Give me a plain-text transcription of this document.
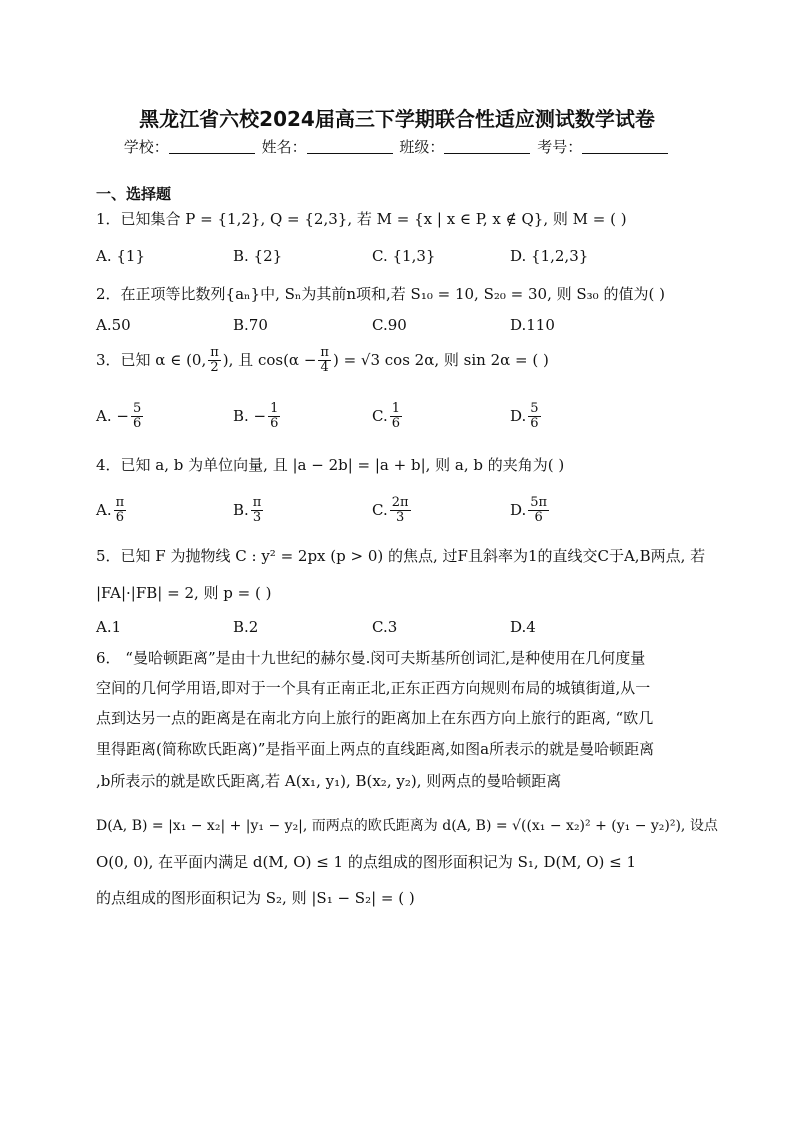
黑龙江省六校2024届高三下学期联合性适应测试数学试卷
学校：	姓名：	班级：	考号：
一、选择题
1．已知集合 P = {1,2}, Q = {2,3}, 若 M = {x | x ∈ P, x ∉ Q}, 则 M = ( )
A. {1}	B. {2}	C. {1,3}	D. {1,2,3}
2．在正项等比数列{aₙ}中, Sₙ为其前n项和,若 S₁₀ = 10, S₂₀ = 30, 则 S₃₀ 的值为( )
A.50	B.70	C.90	D.110
3．已知 α ∈ (0, $\frac{\pi}{2}$ ), 且 $\cos(\alpha - \frac{\pi}{4}$ ) = √3 cos 2α, 则 sin 2α = ( )
A. − $\frac{5}{6}$	B. − $\frac{1}{6}$	C. $\frac{1}{6}$	D. $\frac{5}{6}$
4．已知 a, b 为单位向量, 且 |a − 2b| = |a + b|, 则 a, b 的夹角为( )
A. $\frac{\pi}{6}$	B. $\frac{\pi}{3}$	C. $\frac{2\pi}{3}$	D. $\frac{5\pi}{6}$
5．已知 F 为抛物线 C : y² = 2px (p > 0) 的焦点, 过F且斜率为1的直线交C于A,B两点, 若
|FA|·|FB| = 2, 则 p = ( )
A.1	B.2	C.3	D.4
6． “曼哈顿距离”是由十九世纪的赫尔曼.闵可夫斯基所创词汇,是种使用在几何度量
空间的几何学用语,即对于一个具有正南正北,正东正西方向规则布局的城镇街道,从一
点到达另一点的距离是在南北方向上旅行的距离加上在东西方向上旅行的距离, “欧几
里得距离(简称欧氏距离)”是指平面上两点的直线距离,如图a所表示的就是曼哈顿距离
,b所表示的就是欧氏距离,若 A(x₁, y₁), B(x₂, y₂), 则两点的曼哈顿距离
D(A, B) = |x₁ − x₂| + |y₁ − y₂|, 而两点的欧氏距离为 d(A, B) = √((x₁ − x₂)² + (y₁ − y₂)²), 设点
O(0, 0), 在平面内满足 d(M, O) ≤ 1 的点组成的图形面积记为 S₁, D(M, O) ≤ 1
的点组成的图形面积记为 S₂, 则 |S₁ − S₂| = ( )
